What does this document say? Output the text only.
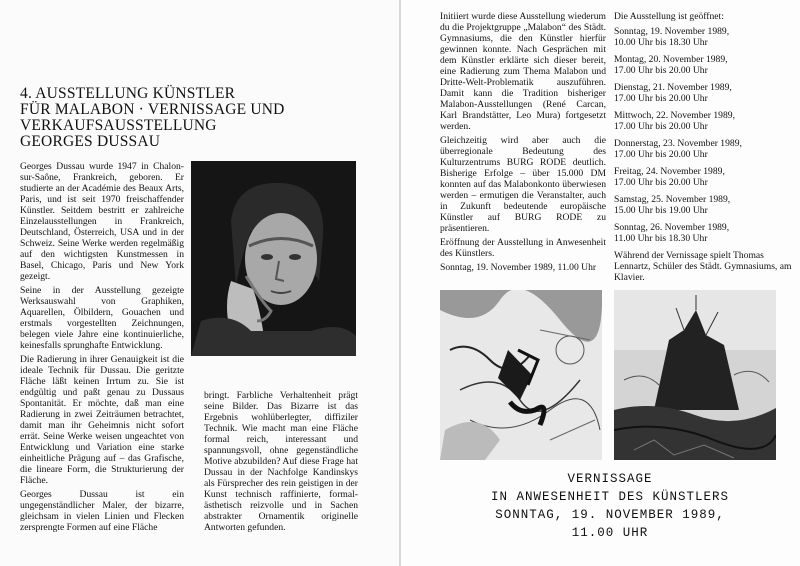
4. AUSSTELLUNG KÜNSTLER
FÜR MALABON · VERNISSAGE UND
VERKAUFSAUSSTELLUNG
GEORGES DUSSAU

Georges Dussau wurde 1947 in Chalon-sur-Saône, Frankreich, geboren. Er studierte an der Académie des Beaux Arts, Paris, und ist seit 1970 freischaffender Künstler. Seitdem bestritt er zahlreiche Einzelausstellungen in Frankreich, Deutschland, Österreich, USA und in der Schweiz. Seine Werke werden regelmäßig auf den wichtigsten Kunstmessen in Basel, Chicago, Paris und New York gezeigt.

Seine in der Ausstellung gezeigte Werksauswahl von Graphiken, Aquarellen, Ölbildern, Gouachen und erstmals vorgestellten Zeichnungen, belegen viele Jahre eine kontinuierliche, keinesfalls sprunghafte Entwicklung.

Die Radierung in ihrer Genauigkeit ist die ideale Technik für Dussau. Die geritzte Fläche läßt keinen Irrtum zu. Sie ist endgültig und paßt genau zu Dussaus Spontanität. Er möchte, daß man eine Radierung in zwei Zeiträumen betrachtet, damit man ihr Geheimnis nicht sofort errät. Seine Werke weisen ungeachtet von Entwicklung und Variation eine starke einheitliche Prägung auf – das Grafische, die lineare Form, die Strukturierung der Fläche.

Georges Dussau ist ein ungegenständlicher Maler, der bizarre, gleichsam in vielen Linien und Flecken zersprengte Formen auf eine Fläche

bringt. Farbliche Verhaltenheit prägt seine Bilder. Das Bizarre ist das Ergebnis wohlüberlegter, diffiziler Technik. Wie macht man eine Fläche formal reich, interessant und spannungsvoll, ohne gegenständliche Motive abzubilden? Auf diese Frage hat Dussau in der Nachfolge Kandinskys als Fürsprecher des rein geistigen in der Kunst technisch raffinierte, formal-ästhetisch reizvolle und in Sachen abstrakter Ornamentik originelle Antworten gefunden.

Initiiert wurde diese Ausstellung wiederum du die Projektgruppe „Malabon“ des Städt. Gymnasiums, die den Künstler hierfür gewinnen konnte. Nach Gesprächen mit dem Künstler erklärte sich dieser bereit, eine Radierung zum Thema Malabon und Dritte-Welt-Problematik auszuführen. Damit kann die Tradition bisheriger Malabon-Ausstellungen (René Carcan, Karl Brandstätter, Leo Mura) fortgesetzt werden.

Gleichzeitig wird aber auch die überregionale Bedeutung des Kulturzentrums BURG RODE deutlich. Bisherige Erfolge – über 15.000 DM konnten auf das Malabonkonto überwiesen werden – ermutigen die Veranstalter, auch in Zukunft bedeutende europäische Künstler auf BURG RODE zu präsentieren.

Eröffnung der Ausstellung in Anwesenheit des Künstlers.

Sonntag, 19. November 1989, 11.00 Uhr

Die Ausstellung ist geöffnet:
Sonntag, 19. November 1989,
10.00 Uhr bis 18.30 Uhr
Montag, 20. November 1989,
17.00 Uhr bis 20.00 Uhr
Dienstag, 21. November 1989,
17.00 Uhr bis 20.00 Uhr
Mittwoch, 22. November 1989,
17.00 Uhr bis 20.00 Uhr
Donnerstag, 23. November 1989,
17.00 Uhr bis 20.00 Uhr
Freitag, 24. November 1989,
17.00 Uhr bis 20.00 Uhr
Samstag, 25. November 1989,
15.00 Uhr bis 19.00 Uhr
Sonntag, 26. November 1989,
11.00 Uhr bis 18.30 Uhr
Während der Vernissage spielt Thomas Lennartz, Schüler des Städt. Gymnasiums, am Klavier.
VERNISSAGE
IN ANWESENHEIT DES KÜNSTLERS
SONNTAG, 19. NOVEMBER 1989,
11.00 UHR
